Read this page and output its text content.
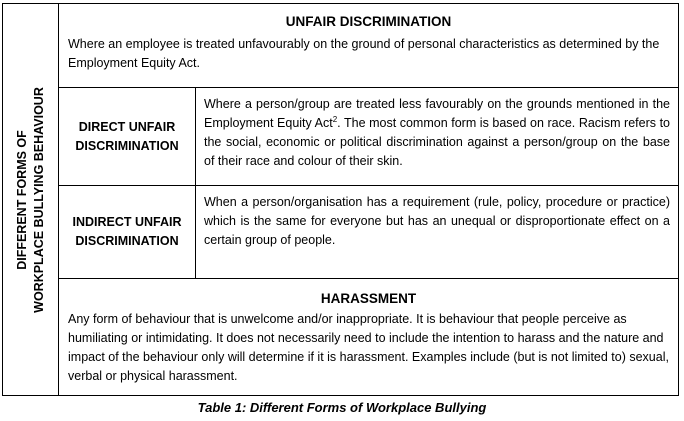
DIFFERENT FORMS OF WORKPLACE BULLYING BEHAVIOUR
UNFAIR DISCRIMINATION
Where an employee is treated unfavourably on the ground of personal characteristics as determined by the Employment Equity Act.
DIRECT UNFAIR
DISCRIMINATION
Where a person/group are treated less favourably on the grounds mentioned in the Employment Equity Act$^2$. The most common form is based on race. Racism refers to the social, economic or political discrimination against a person/group on the base of their race and colour of their skin.
INDIRECT UNFAIR
DISCRIMINATION
When a person/organisation has a requirement (rule, policy, procedure or practice) which is the same for everyone but has an unequal or disproportionate effect on a certain group of people.
HARASSMENT
Any form of behaviour that is unwelcome and/or inappropriate. It is behaviour that people perceive as humiliating or intimidating. It does not necessarily need to include the intention to harass and the nature and impact of the behaviour only will determine if it is harassment. Examples include (but is not limited to) sexual, verbal or physical harassment.
Table 1: Different Forms of Workplace Bullying
